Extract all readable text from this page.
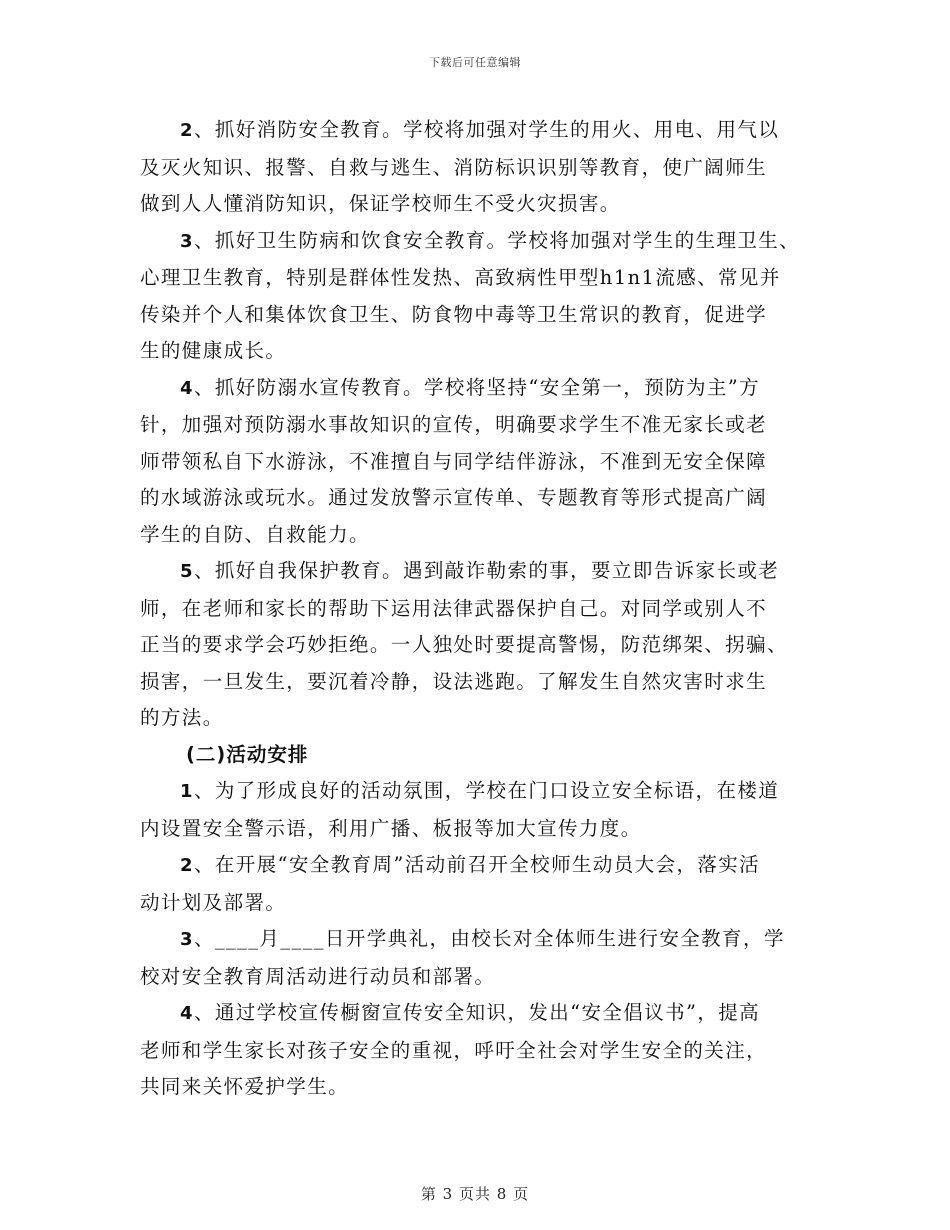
下载后可任意编辑

2、抓好消防安全教育。学校将加强对学生的用火、用电、用气以
及灭火知识、报警、自救与逃生、消防标识识别等教育，使广阔师生
做到人人懂消防知识，保证学校师生不受火灾损害。

3、抓好卫生防病和饮食安全教育。学校将加强对学生的生理卫生、
心理卫生教育，特别是群体性发热、高致病性甲型h1n1流感、常见并
传染并个人和集体饮食卫生、防食物中毒等卫生常识的教育，促进学
生的健康成长。

4、抓好防溺水宣传教育。学校将坚持“安全第一，预防为主”方
针，加强对预防溺水事故知识的宣传，明确要求学生不准无家长或老
师带领私自下水游泳，不准擅自与同学结伴游泳，不准到无安全保障
的水域游泳或玩水。通过发放警示宣传单、专题教育等形式提高广阔
学生的自防、自救能力。

5、抓好自我保护教育。遇到敲诈勒索的事，要立即告诉家长或老
师，在老师和家长的帮助下运用法律武器保护自己。对同学或别人不
正当的要求学会巧妙拒绝。一人独处时要提高警惕，防范绑架、拐骗、
损害，一旦发生，要沉着冷静，设法逃跑。了解发生自然灾害时求生
的方法。

(二)活动安排

1、为了形成良好的活动氛围，学校在门口设立安全标语，在楼道
内设置安全警示语，利用广播、板报等加大宣传力度。

2、在开展“安全教育周”活动前召开全校师生动员大会，落实活
动计划及部署。

3、____月____日开学典礼，由校长对全体师生进行安全教育，学
校对安全教育周活动进行动员和部署。

4、通过学校宣传橱窗宣传安全知识，发出“安全倡议书”，提高
老师和学生家长对孩子安全的重视，呼吁全社会对学生安全的关注，
共同来关怀爱护学生。

第 3 页共 8 页
